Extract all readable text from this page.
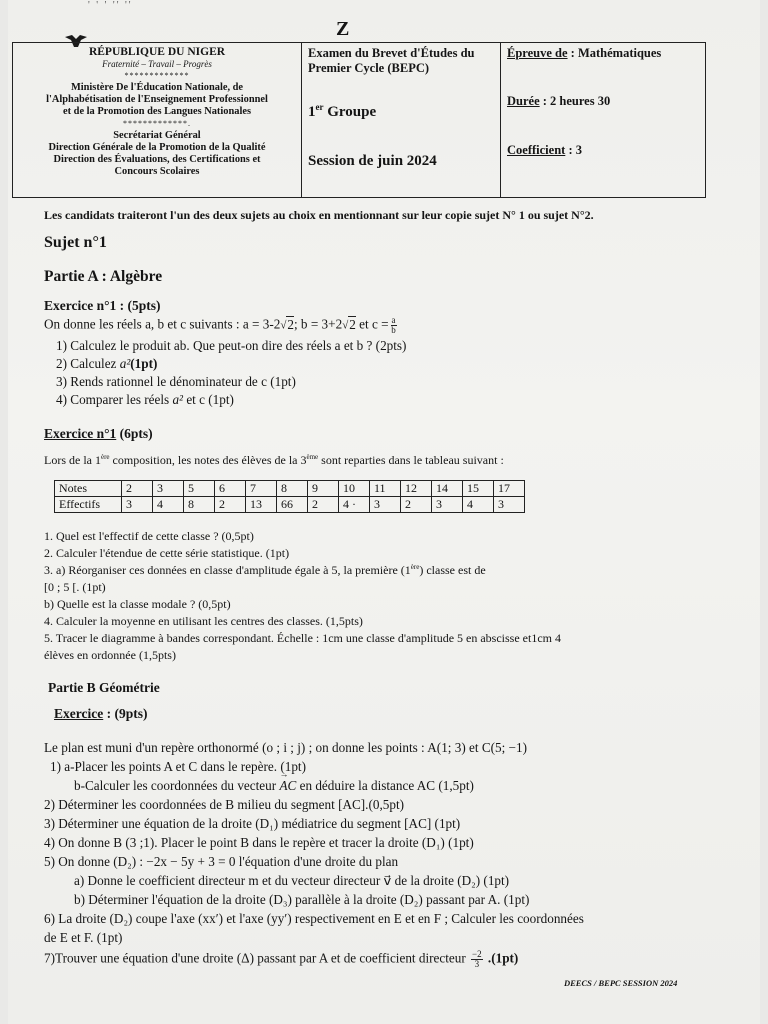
' ' ' '' ''
Z
RÉPUBLIQUE DU NIGER
Fraternité – Travail – Progrès
*************
Ministère De l'Éducation Nationale, de
l'Alphabétisation de l'Enseignement Professionnel
et de la Promotion des Langues Nationales
*************.
Secrétariat Général
Direction Générale de la Promotion de la Qualité
Direction des Évaluations, des Certifications et
Concours Scolaires

Examen du Brevet d'Études du
Premier Cycle (BEPC)
1er Groupe
Session de juin 2024

Épreuve de : Mathématiques
Durée : 2 heures 30
Coefficient : 3
Les candidats traiteront l'un des deux sujets au choix en mentionnant sur leur copie sujet N° 1 ou sujet N°2.
Sujet n°1
Partie A : Algèbre
Exercice n°1 : (5pts)
On donne les réels a, b et c suivants : a = 3-2√2; b = 3+2√2 et $c = \frac{a}{b}$
1) Calculez le produit ab. Que peut-on dire des réels a et b ? (2pts)
2) Calculez a²(1pt)
3) Rends rationnel le dénominateur de c (1pt)
4) Comparer les réels a² et c (1pt)
Exercice n°1 (6pts)
Lors de la 1ère composition, les notes des élèves de la 3ème sont reparties dans le tableau suivant :
Notes	2	3	5	6	7	8	9	10	11	12	14	15	17
Effectifs	3	4	8	2	13	66	2	4 ·	3	2	3	4	3
1. Quel est l'effectif de cette classe ? (0,5pt)
2. Calculer l'étendue de cette série statistique. (1pt)
3. a) Réorganiser ces données en classe d'amplitude égale à 5, la première (1ère) classe est de
[0 ; 5 [. (1pt)
b) Quelle est la classe modale ? (0,5pt)
4. Calculer la moyenne en utilisant les centres des classes. (1,5pts)
5. Tracer le diagramme à bandes correspondant. Échelle : 1cm une classe d'amplitude 5 en abscisse et1cm 4
élèves en ordonnée (1,5pts)
Partie B Géométrie
Exercice : (9pts)
Le plan est muni d'un repère orthonormé (o ; i ; j) ; on donne les points : A(1; 3) et C(5; −1)
1) a-Placer les points A et C dans le repère. (1pt)
b-Calculer les coordonnées du vecteur → AC en déduire la distance AC (1,5pt)
2) Déterminer les coordonnées de B milieu du segment [AC].(0,5pt)
3) Déterminer une équation de la droite (D₁) médiatrice du segment [AC] (1pt)
4) On donne B (3 ;1). Placer le point B dans le repère et tracer la droite (D₁) (1pt)
5) On donne (D₂) : −2x − 5y + 3 = 0 l'équation d'une droite du plan
a) Donne le coefficient directeur m et du vecteur directeur v⃗ de la droite (D₂) (1pt)
b) Déterminer l'équation de la droite (D₃) parallèle à la droite (D₂) passant par A. (1pt)
6) La droite (D₂) coupe l'axe (xx′) et l'axe (yy′) respectivement en E et en F ; Calculer les coordonnées
de E et F. (1pt)
7)Trouver une équation d'une droite (Δ) passant par A et de coefficient directeur $\frac{-2}{3} .(1pt)$
DEECS / BEPC SESSION 2024
